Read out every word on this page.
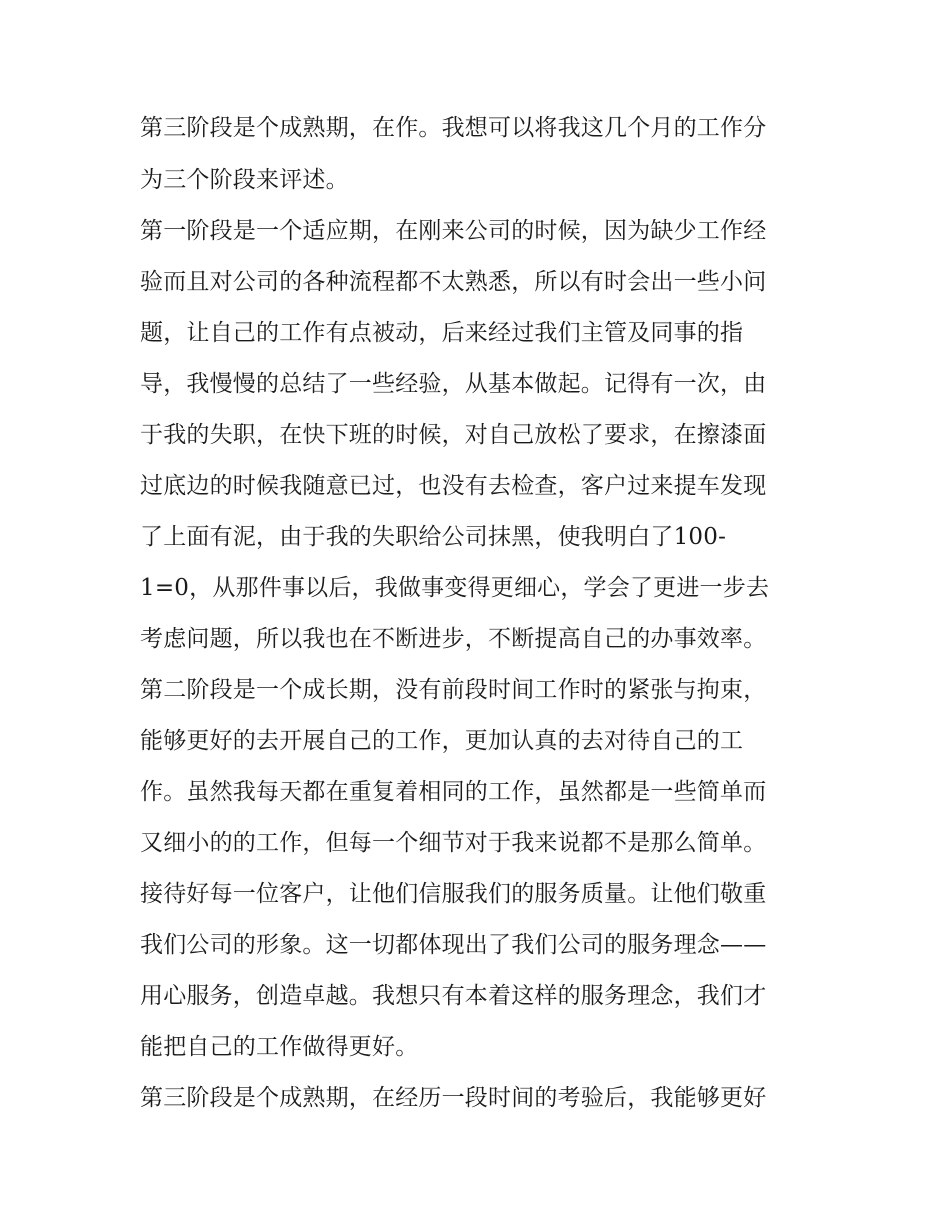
第三阶段是个成熟期，在作。我想可以将我这几个月的工作分

为三个阶段来评述。

第一阶段是一个适应期，在刚来公司的时候，因为缺少工作经

验而且对公司的各种流程都不太熟悉，所以有时会出一些小问

题，让自己的工作有点被动，后来经过我们主管及同事的指

导，我慢慢的总结了一些经验，从基本做起。记得有一次，由

于我的失职，在快下班的时候，对自己放松了要求，在擦漆面

过底边的时候我随意已过，也没有去检查，客户过来提车发现

了上面有泥，由于我的失职给公司抹黑，使我明白了100-

1=0，从那件事以后，我做事变得更细心，学会了更进一步去

考虑问题，所以我也在不断进步，不断提高自己的办事效率。

第二阶段是一个成长期，没有前段时间工作时的紧张与拘束，

能够更好的去开展自己的工作，更加认真的去对待自己的工

作。虽然我每天都在重复着相同的工作，虽然都是一些简单而

又细小的的工作，但每一个细节对于我来说都不是那么简单。

接待好每一位客户，让他们信服我们的服务质量。让他们敬重

我们公司的形象。这一切都体现出了我们公司的服务理念——

用心服务，创造卓越。我想只有本着这样的服务理念，我们才

能把自己的工作做得更好。

第三阶段是个成熟期，在经历一段时间的考验后，我能够更好
